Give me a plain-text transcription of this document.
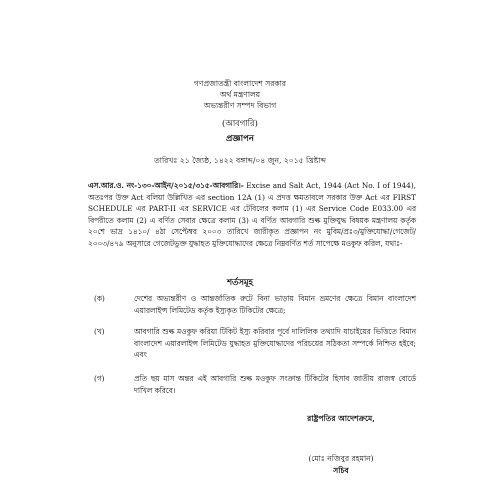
গণপ্রজাতন্ত্রী বাংলাদেশ সরকার
অর্থ মন্ত্রণালয়
অভ্যন্তরীণ সম্পদ বিভাগ
(আবগারি)
প্রজ্ঞাপন
তারিখঃ ২১ জ্যৈষ্ঠ, ১৪২২ বঙ্গাব্দ/০৪ জুন, ২০১৫ খ্রিষ্টাব্দ
এস.আর.ও. নং-১৩০-আইন/২০১৫/৩১৫-আবগারি।- Excise and Salt Act, 1944 (Act No. I of 1944), অতঃপর উক্ত Act বলিয়া উল্লিখিত এর section 12A (1) এ প্রদত্ত ক্ষমতাবলে সরকার উক্ত Act এর FIRST SCHEDULE এর PART-II এর SERVICE এর টেবিলের কলাম (1) এর Service Code E033.00 এর বিপরীতে কলাম (2) এ বর্ণিত সেবার ক্ষেত্রে কলাম (3) এ বর্ণিত আবগারি শুল্ক মুক্তিযুদ্ধ বিষয়ক মন্ত্রণালয় কর্তৃক ২০শে ভাদ্র ১৪১০/ ৪ঠা সেপ্টেম্বর ২০০৩ তারিখে জারীকৃত প্রজ্ঞাপন নং মুবিম/প্রঃ৩/মুক্তিযোদ্ধা/গেজেট/২০০৩/৪৭৯ অনুসারে গেজেটভুক্ত যুদ্ধাহত মুক্তিযোদ্ধাদের ক্ষেত্রে নিম্নবর্ণিত শর্ত সাপেক্ষে মওকুফ করিল, যথাঃ-
শর্তসমূহ
(ক)	দেশের অভ্যন্তরীণ ও আন্তর্জাতিক রুটে বিনা ভাড়ায় বিমান ভ্রমণের ক্ষেত্রে বিমান বাংলাদেশ এয়ারলাইন্স লিমিটেড কর্তৃক ইস্যুকৃত টিকিটের ক্ষেত্রে;
(খ)	আবগারি শুল্ক মওকুফ করিয়া টিকিট ইস্যু করিবার পূর্বে দালিলিক তথ্যাদি যাচাইয়ের ভিত্তিতে বিমান বাংলাদেশ এয়ারলাইন্স লিমিটেড যুদ্ধাহত মুক্তিযোদ্ধাদের পরিচয়ের সঠিকতা সম্পর্কে নিশ্চিত হইবে; এবং
(গ)	প্রতি ছয় মাস অন্তর এই আবগারি শুল্ক মওকুফ সংক্রান্ত টিকিটের হিসাব জাতীয় রাজস্ব বোর্ডে দাখিল করিবে।
রাষ্ট্রপতির আদেশক্রমে,
(মোঃ নজিবুর রহমান)
সচিব
